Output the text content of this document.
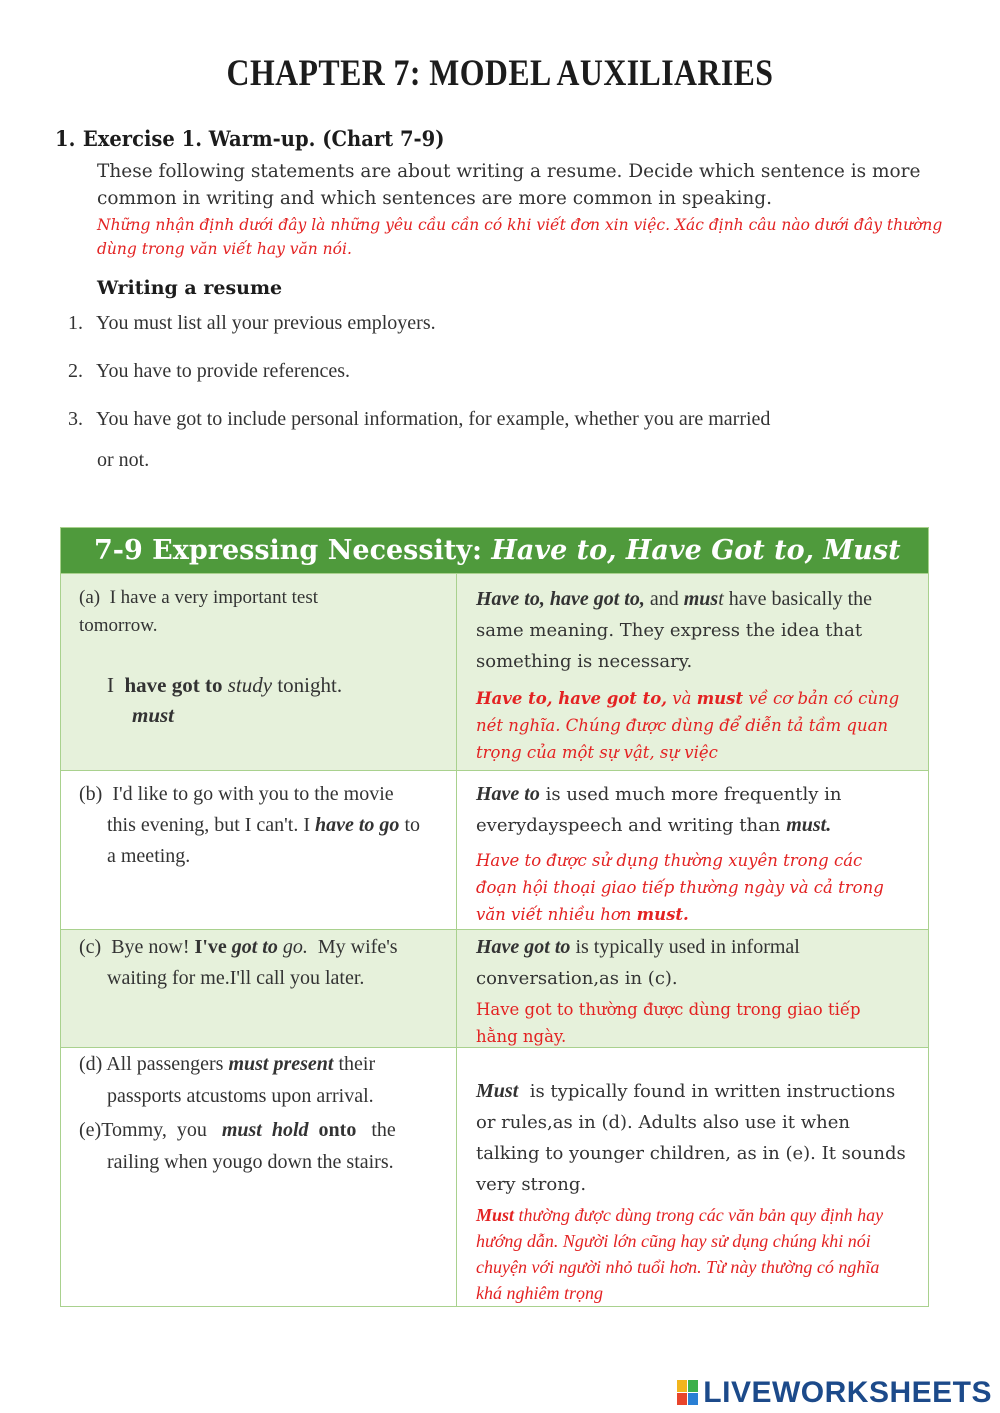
CHAPTER 7: MODEL AUXILIARIES
1. Exercise 1. Warm-up. (Chart 7-9)
These following statements are about writing a resume. Decide which sentence is more common in writing and which sentences are more common in speaking.
Những nhận định dưới đây là những yêu cầu cần có khi viết đơn xin việc. Xác định câu nào dưới đây thường dùng trong văn viết hay văn nói.
Writing a resume
1. You must list all your previous employers.
2. You have to provide references.
3. You have got to include personal information, for example, whether you are married
or not.
7-9 Expressing Necessity: Have to, Have Got to, Must
(a) I have a very important test
tomorrow.
I have got to study tonight.
must
Have to, have got to, and must have basically the
same meaning. They express the idea that
something is necessary.
Have to, have got to, và must về cơ bản có cùng
nét nghĩa. Chúng được dùng để diễn tả tầm quan
trọng của một sự vật, sự việc
(b) I'd like to go with you to the movie
this evening, but I can't. I have to go to
a meeting.
Have to is used much more frequently in
everydayspeech and writing than must.
Have to được sử dụng thường xuyên trong các
đoạn hội thoại giao tiếp thường ngày và cả trong
văn viết nhiều hơn must.
(c) Bye now! I've got to go. My wife's
waiting for me.I'll call you later.
Have got to is typically used in informal
conversation,as in (c).
Have got to thường được dùng trong giao tiếp
hằng ngày.
(d) All passengers must present their
passports atcustoms upon arrival.
(e)Tommy,  you must  hold onto the
railing when yougo down the stairs.
Must is typically found in written instructions
or rules,as in (d). Adults also use it when
talking to younger children, as in (e). It sounds
very strong.
Must thường được dùng trong các văn bản quy định hay
hướng dẫn. Người lớn cũng hay sử dụng chúng khi nói
chuyện với người nhỏ tuổi hơn. Từ này thường có nghĩa
khá nghiêm trọng
LIVEWORKSHEETS
